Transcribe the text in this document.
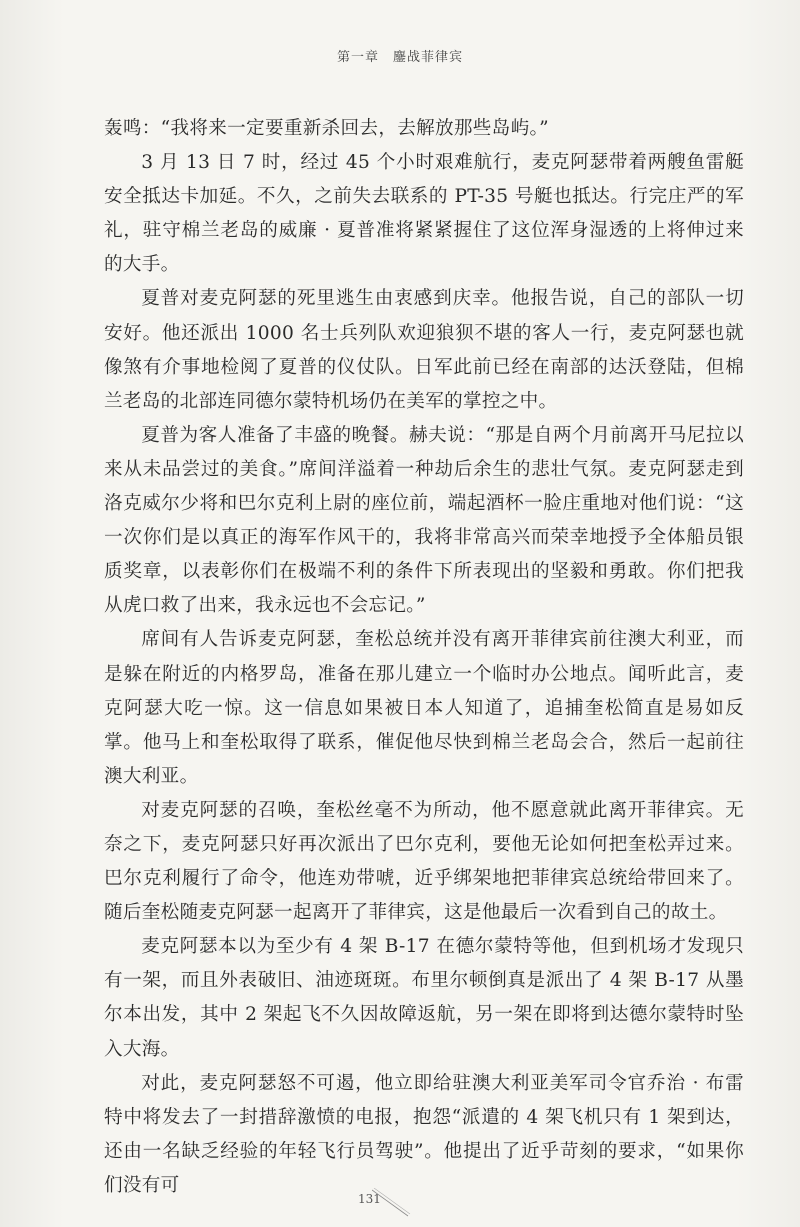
第一章 鏖战菲律宾

轰鸣：“我将来一定要重新杀回去，去解放那些岛屿。”

3 月 13 日 7 时，经过 45 个小时艰难航行，麦克阿瑟带着两艘鱼雷艇安全抵达卡加延。不久，之前失去联系的 PT-35 号艇也抵达。行完庄严的军礼，驻守棉兰老岛的威廉 · 夏普准将紧紧握住了这位浑身湿透的上将伸过来的大手。

夏普对麦克阿瑟的死里逃生由衷感到庆幸。他报告说，自己的部队一切安好。他还派出 1000 名士兵列队欢迎狼狈不堪的客人一行，麦克阿瑟也就像煞有介事地检阅了夏普的仪仗队。日军此前已经在南部的达沃登陆，但棉兰老岛的北部连同德尔蒙特机场仍在美军的掌控之中。

夏普为客人准备了丰盛的晚餐。赫夫说：“那是自两个月前离开马尼拉以来从未品尝过的美食。”席间洋溢着一种劫后余生的悲壮气氛。麦克阿瑟走到洛克威尔少将和巴尔克利上尉的座位前，端起酒杯一脸庄重地对他们说：“这一次你们是以真正的海军作风干的，我将非常高兴而荣幸地授予全体船员银质奖章，以表彰你们在极端不利的条件下所表现出的坚毅和勇敢。你们把我从虎口救了出来，我永远也不会忘记。”

席间有人告诉麦克阿瑟，奎松总统并没有离开菲律宾前往澳大利亚，而是躲在附近的内格罗岛，准备在那儿建立一个临时办公地点。闻听此言，麦克阿瑟大吃一惊。这一信息如果被日本人知道了，追捕奎松简直是易如反掌。他马上和奎松取得了联系，催促他尽快到棉兰老岛会合，然后一起前往澳大利亚。

对麦克阿瑟的召唤，奎松丝毫不为所动，他不愿意就此离开菲律宾。无奈之下，麦克阿瑟只好再次派出了巴尔克利，要他无论如何把奎松弄过来。巴尔克利履行了命令，他连劝带唬，近乎绑架地把菲律宾总统给带回来了。随后奎松随麦克阿瑟一起离开了菲律宾，这是他最后一次看到自己的故土。

麦克阿瑟本以为至少有 4 架 B-17 在德尔蒙特等他，但到机场才发现只有一架，而且外表破旧、油迹斑斑。布里尔顿倒真是派出了 4 架 B-17 从墨尔本出发，其中 2 架起飞不久因故障返航，另一架在即将到达德尔蒙特时坠入大海。

对此，麦克阿瑟怒不可遏，他立即给驻澳大利亚美军司令官乔治 · 布雷特中将发去了一封措辞激愤的电报，抱怨“派遣的 4 架飞机只有 1 架到达，还由一名缺乏经验的年轻飞行员驾驶”。他提出了近乎苛刻的要求，“如果你们没有可

131
